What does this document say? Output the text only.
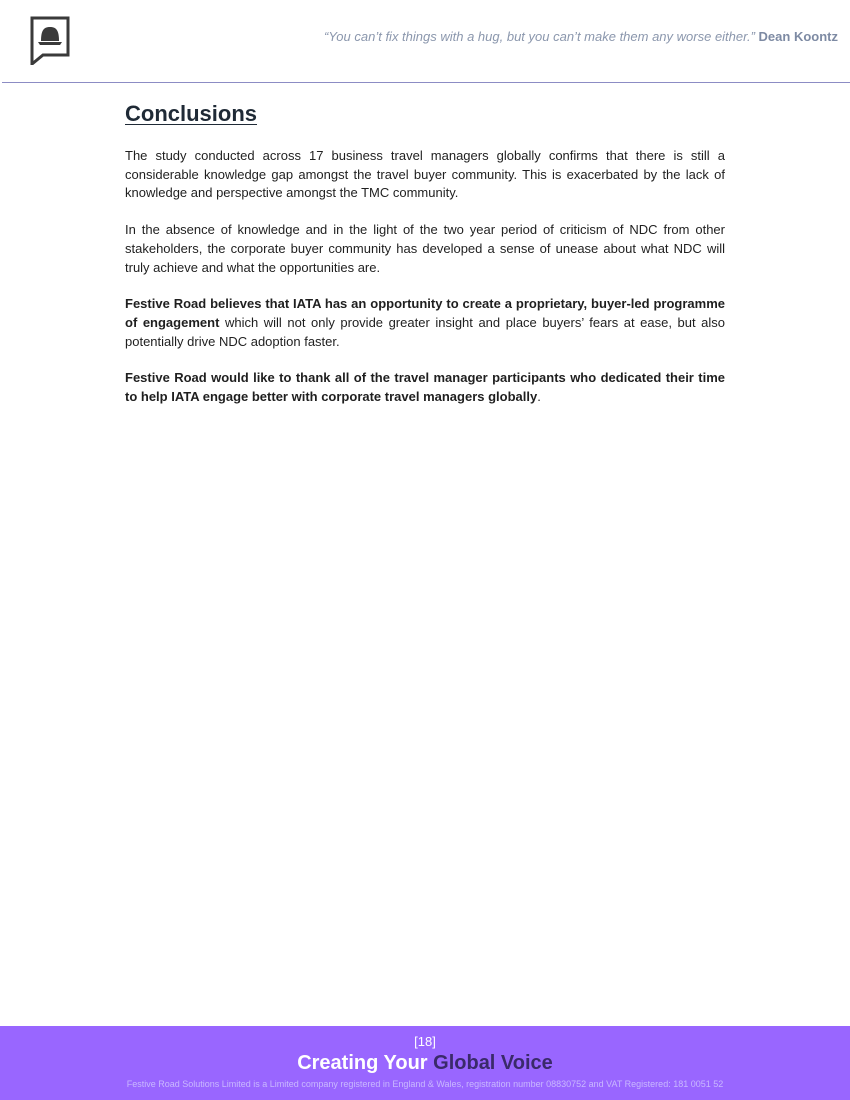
“You can’t fix things with a hug, but you can’t make them any worse either.” Dean Koontz
Conclusions

The study conducted across 17 business travel managers globally confirms that there is still a considerable knowledge gap amongst the travel buyer community. This is exacerbated by the lack of knowledge and perspective amongst the TMC community.

In the absence of knowledge and in the light of the two year period of criticism of NDC from other stakeholders, the corporate buyer community has developed a sense of unease about what NDC will truly achieve and what the opportunities are.

Festive Road believes that IATA has an opportunity to create a proprietary, buyer-led programme of engagement which will not only provide greater insight and place buyers’ fears at ease, but also potentially drive NDC adoption faster.

Festive Road would like to thank all of the travel manager participants who dedicated their time to help IATA engage better with corporate travel managers globally.

[18]
Creating Your Global Voice
Festive Road Solutions Limited is a Limited company registered in England & Wales, registration number 08830752 and VAT Registered: 181 0051 52
